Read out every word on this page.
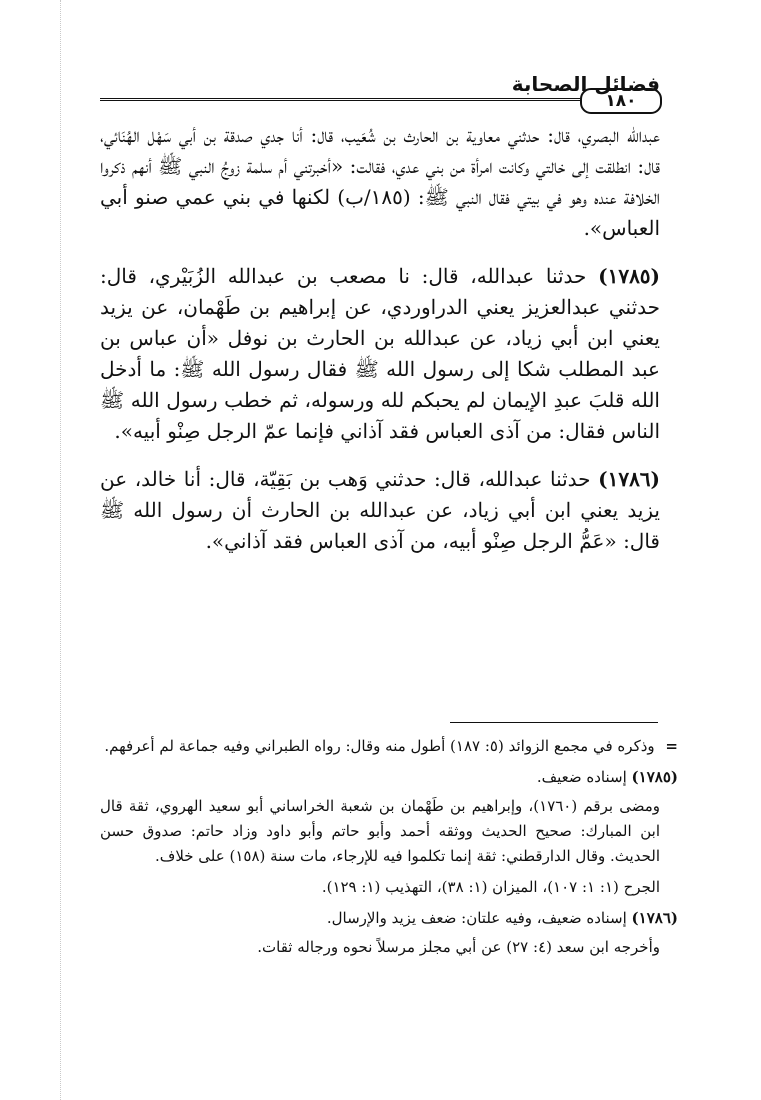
فضائل الصحابة
١٨٠

عبدالله البصري، قال: حدثني معاوية بن الحارث بن شُعَيب، قال: أنا جدي صدقة بن أبي سَهْل الهُنَائي، قال: انطلقت إلى خالتي وكانت امرأة من بني عدي، فقالت: «أخبرتني أم سلمة زوجُ النبي ﷺ أنهم ذكروا الخلافة عنده وهو في بيتي فقال النبي ﷺ: (١٨٥/ب) لكنها في بني عمي صنو أبي العباس».

(١٧٨٥) حدثنا عبدالله، قال: نا مصعب بن عبدالله الزُبَيْري، قال: حدثني عبدالعزيز يعني الدراوردي، عن إبراهيم بن طَهْمان، عن يزيد يعني ابن أبي زياد، عن عبدالله بن الحارث بن نوفل «أن عباس بن عبد المطلب شكا إلى رسول الله ﷺ فقال رسول الله ﷺ: ما أدخل الله قلبَ عبدِ الإيمان لم يحبكم لله ورسوله، ثم خطب رسول الله ﷺ الناس فقال: من آذى العباس فقد آذاني فإنما عمّ الرجل صِنْو أبيه».

(١٧٨٦) حدثنا عبدالله، قال: حدثني وَهب بن بَقِيّة، قال: أنا خالد، عن يزيد يعني ابن أبي زياد، عن عبدالله بن الحارث أن رسول الله ﷺ قال: «عَمُّ الرجل صِنْو أبيه، من آذى العباس فقد آذاني».

= وذكره في مجمع الزوائد (٥: ١٨٧) أطول منه وقال: رواه الطبراني وفيه جماعة لم أعرفهم.
(١٧٨٥) إسناده ضعيف.
ومضى برقم (١٧٦٠)، وإبراهيم بن طَهْمان بن شعبة الخراساني أبو سعيد الهروي، ثقة قال ابن المبارك: صحيح الحديث ووثقه أحمد وأبو حاتم وأبو داود وزاد حاتم: صدوق حسن الحديث. وقال الدارقطني: ثقة إنما تكلموا فيه للإرجاء، مات سنة (١٥٨) على خلاف.
الجرح (١: ١: ١٠٧)، الميزان (١: ٣٨)، التهذيب (١: ١٢٩).
(١٧٨٦) إسناده ضعيف، وفيه علتان: ضعف يزيد والإرسال.
وأخرجه ابن سعد (٤: ٢٧) عن أبي مجلز مرسلاً نحوه ورجاله ثقات.
